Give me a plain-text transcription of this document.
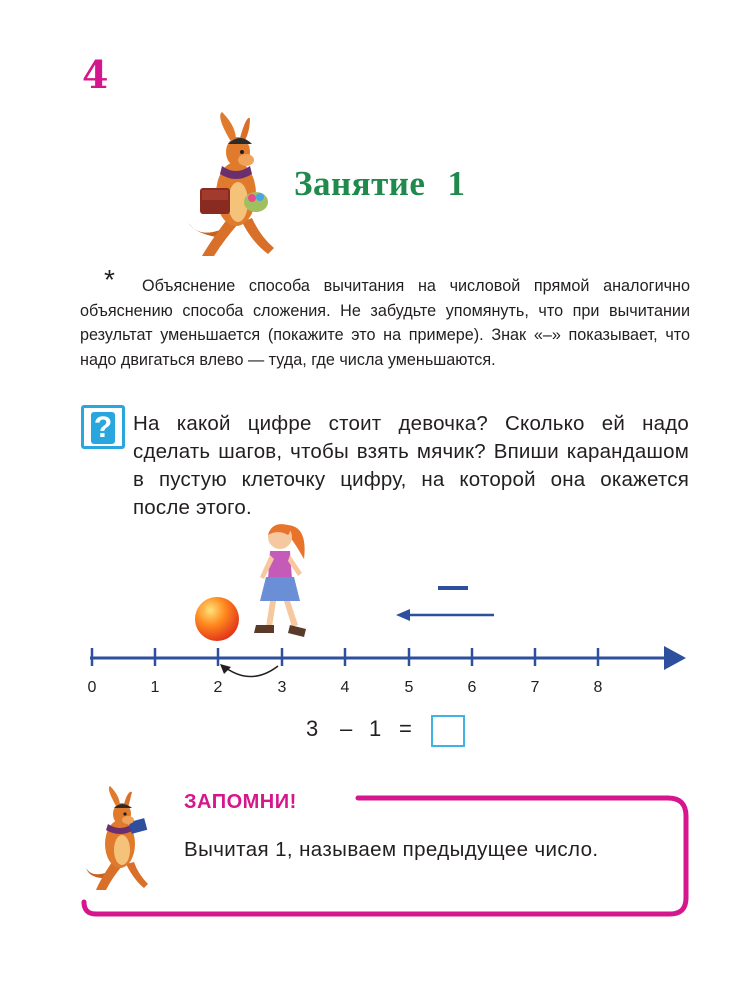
4
Занятие 1
*	Объяснение способа вычитания на числовой прямой аналогично объяснению способа сложения. Не забудьте упомянуть, что при вычитании результат уменьшается (покажите это на примере). Знак «–» показывает, что надо двигаться влево — туда, где числа уменьшаются.
? На какой цифре стоит девочка? Сколько ей надо сделать шагов, чтобы взять мячик? Впиши карандашом в пустую клеточку цифру, на которой она окажется после этого.
0	1	2	3	4	5	6	7	8
3 – 1 =
ЗАПОМНИ!
Вычитая 1, называем предыдущее число.
